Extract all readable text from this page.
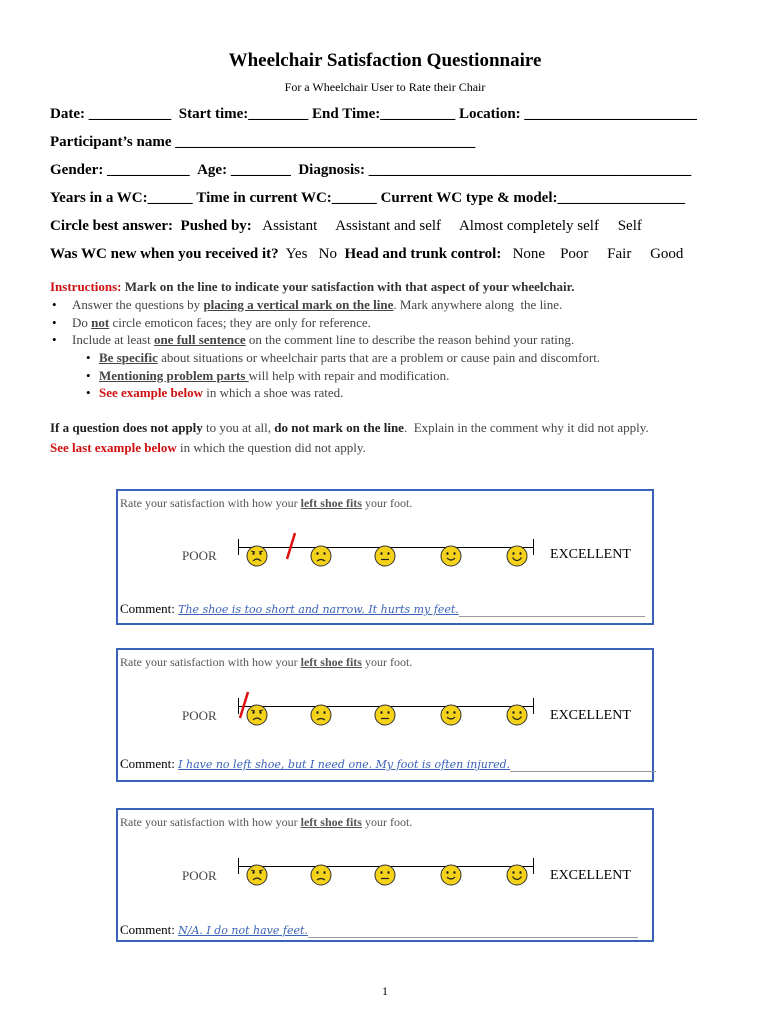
Wheelchair Satisfaction Questionnaire
For a Wheelchair User to Rate their Chair
Date: ___________ Start time:________ End Time:__________ Location: _______________________
Participant’s name ________________________________________
Gender: ___________ Age: ________ Diagnosis: ___________________________________________
Years in a WC:______ Time in current WC:______ Current WC type & model:_________________
Circle best answer: Pushed by: Assistant Assistant and self Almost completely self Self
Was WC new when you received it? Yes No Head and trunk control: None Poor Fair Good
Instructions: Mark on the line to indicate your satisfaction with that aspect of your wheelchair.
• Answer the questions by placing a vertical mark on the line. Mark anywhere along  the line.
• Do not circle emoticon faces; they are only for reference.
• Include at least one full sentence on the comment line to describe the reason behind your rating.
• Be specific about situations or wheelchair parts that are a problem or cause pain and discomfort.
• Mentioning problem parts will help with repair and modification.
• See example below in which a shoe was rated.
If a question does not apply to you at all, do not mark on the line.  Explain in the comment why it did not apply.
See last example below in which the question did not apply.
Rate your satisfaction with how your left shoe fits your foot.
POOR	EXCELLENT
Comment: The shoe is too short and narrow. It hurts my feet.
Rate your satisfaction with how your left shoe fits your foot.
POOR	EXCELLENT
Comment: I have no left shoe, but I need one. My foot is often injured.
Rate your satisfaction with how your left shoe fits your foot.
POOR	EXCELLENT
Comment: N/A. I do not have feet.
1
